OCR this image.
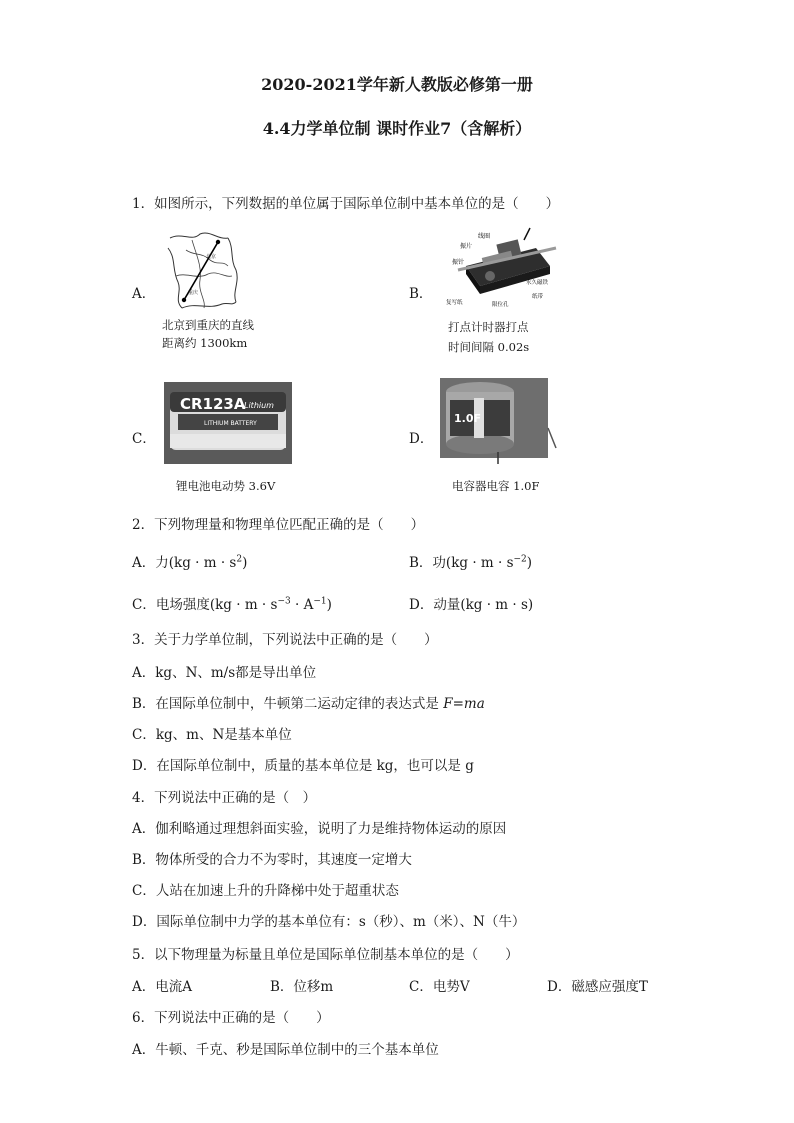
2020-2021学年新人教版必修第一册
4.4力学单位制 课时作业7（含解析）
1．如图所示，下列数据的单位属于国际单位制中基本单位的是（　　）
A．
北京
重庆
北京到重庆的直线
距离约 1300km
B．
线圈
振片
振针
永久磁铁
限位孔
复写纸
纸带
打点计时器打点
时间间隔 0.02s
C．
CR123A
Lithium
LITHIUM BATTERY
锂电池电动势 3.6V
D．
1.0F
电容器电容 1.0F
2．下列物理量和物理单位匹配正确的是（　　）
A．力$(kg \cdot m \cdot s^2)$	B．功$(kg \cdot m \cdot s^{-2})$
C．电场强度$(kg \cdot m \cdot s^{-3} \cdot A^{-1})$	D．动量(kg · m · s)
3．关于力学单位制，下列说法中正确的是（　　）
A．kg、N、m/s都是导出单位
B．在国际单位制中，牛顿第二运动定律的表达式是 F=ma
C．kg、m、N是基本单位
D．在国际单位制中，质量的基本单位是 kg，也可以是 g
4．下列说法中正确的是（　）
A．伽利略通过理想斜面实验，说明了力是维持物体运动的原因
B．物体所受的合力不为零时，其速度一定增大
C．人站在加速上升的升降梯中处于超重状态
D．国际单位制中力学的基本单位有：s（秒）、m（米）、N（牛）
5．以下物理量为标量且单位是国际单位制基本单位的是（　　）
A．电流A	B．位移m	C．电势V	D．磁感应强度T
6．下列说法中正确的是（　　）
A．牛顿、千克、秒是国际单位制中的三个基本单位
